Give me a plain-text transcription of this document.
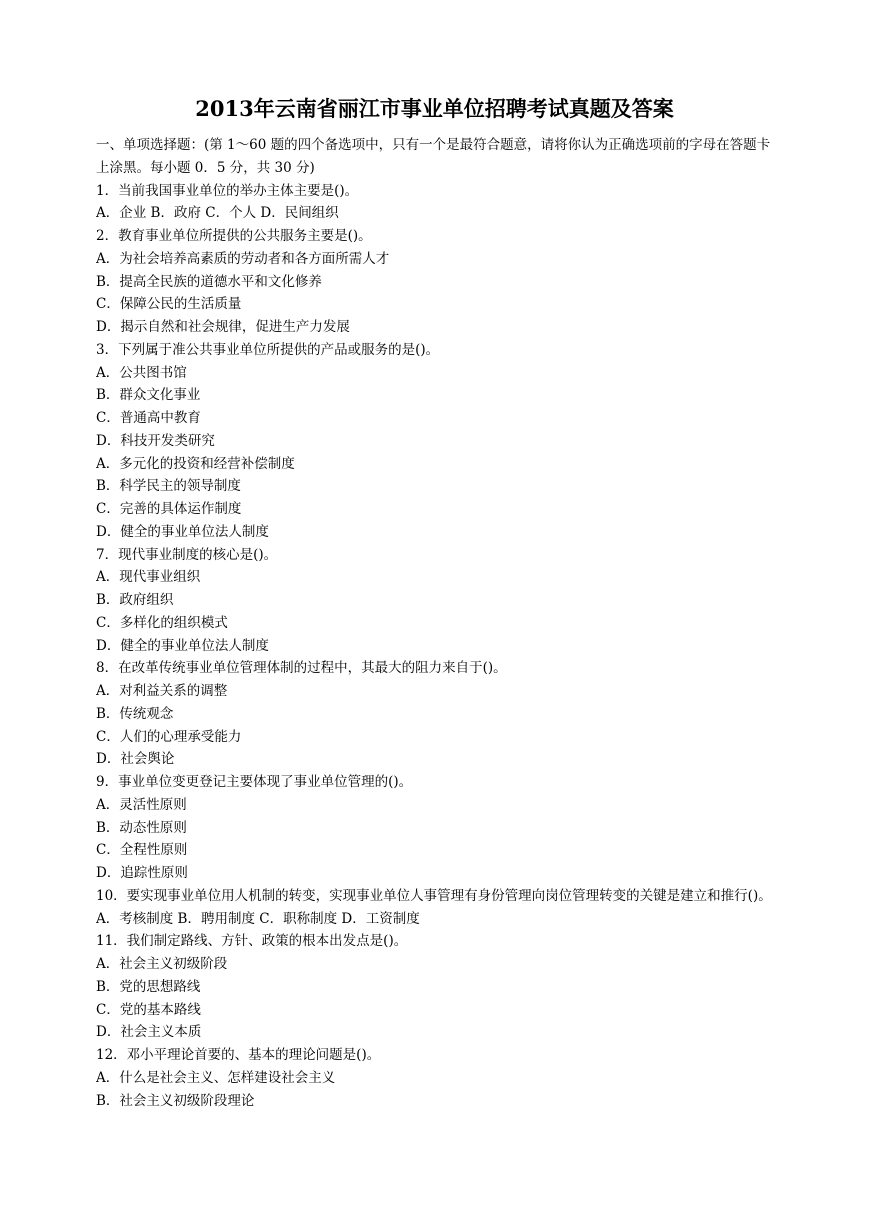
2013年云南省丽江市事业单位招聘考试真题及答案
一、单项选择题：(第 1～60 题的四个备选项中，只有一个是最符合题意，请将你认为正确选项前的字母在答题卡上涂黑。每小题 0．5 分，共 30 分)
1．当前我国事业单位的举办主体主要是()。
A．企业 B．政府 C．个人 D．民间组织
2．教育事业单位所提供的公共服务主要是()。
A．为社会培养高素质的劳动者和各方面所需人才
B．提高全民族的道德水平和文化修养
C．保障公民的生活质量
D．揭示自然和社会规律，促进生产力发展
3．下列属于准公共事业单位所提供的产品或服务的是()。
A．公共图书馆
B．群众文化事业
C．普通高中教育
D．科技开发类研究
A．多元化的投资和经营补偿制度
B．科学民主的领导制度
C．完善的具体运作制度
D．健全的事业单位法人制度
7．现代事业制度的核心是()。
A．现代事业组织
B．政府组织
C．多样化的组织模式
D．健全的事业单位法人制度
8．在改革传统事业单位管理体制的过程中，其最大的阻力来自于()。
A．对利益关系的调整
B．传统观念
C．人们的心理承受能力
D．社会舆论
9．事业单位变更登记主要体现了事业单位管理的()。
A．灵活性原则
B．动态性原则
C．全程性原则
D．追踪性原则
10．要实现事业单位用人机制的转变，实现事业单位人事管理有身份管理向岗位管理转变的关键是建立和推行()。
A．考核制度 B．聘用制度 C．职称制度 D．工资制度
11．我们制定路线、方针、政策的根本出发点是()。
A．社会主义初级阶段
B．党的思想路线
C．党的基本路线
D．社会主义本质
12．邓小平理论首要的、基本的理论问题是()。
A．什么是社会主义、怎样建设社会主义
B．社会主义初级阶段理论
